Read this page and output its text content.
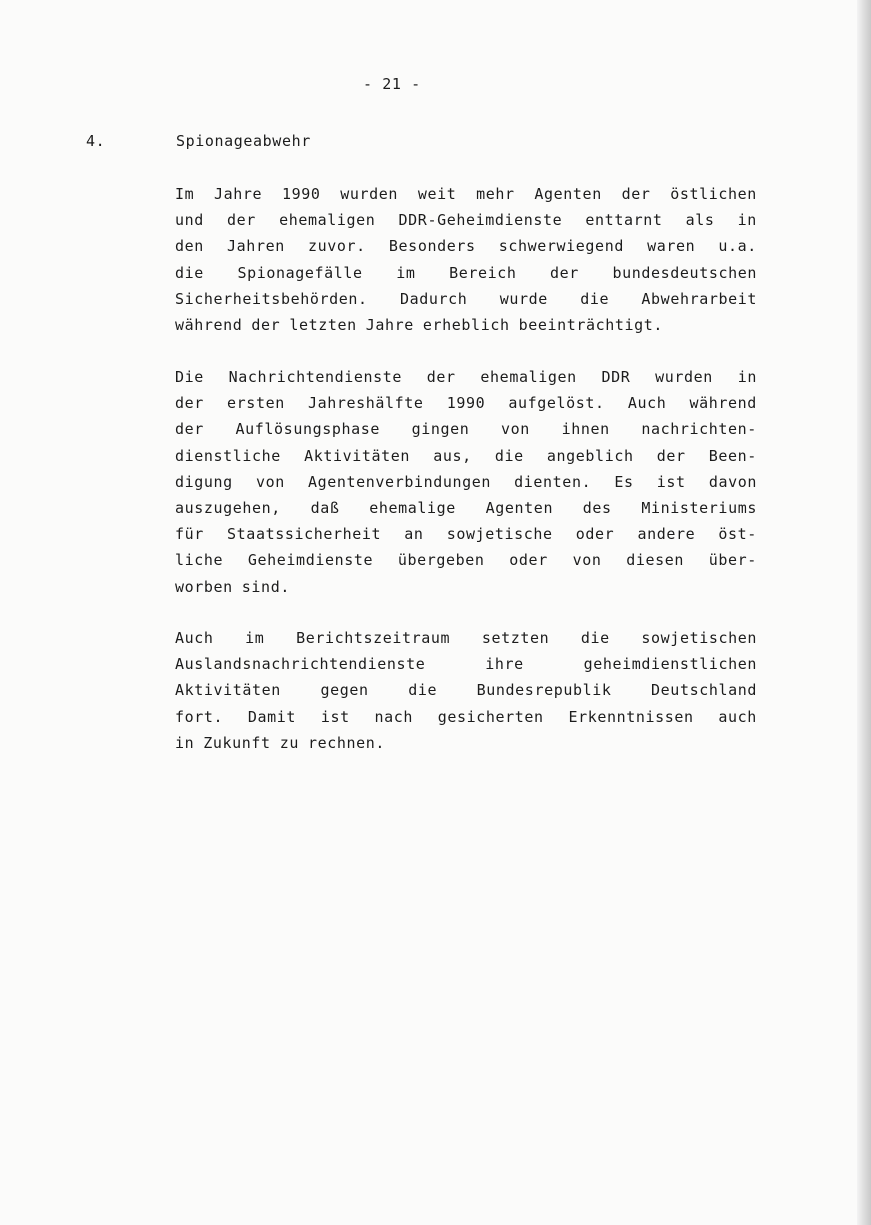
- 21 -
4.	Spionageabwehr
Im Jahre 1990 wurden weit mehr Agenten der östlichen
und der ehemaligen DDR-Geheimdienste enttarnt als in
den Jahren zuvor. Besonders schwerwiegend waren u.a.
die Spionagefälle im Bereich der bundesdeutschen
Sicherheitsbehörden. Dadurch wurde die Abwehrarbeit
während der letzten Jahre erheblich beeinträchtigt.
Die Nachrichtendienste der ehemaligen DDR wurden in
der ersten Jahreshälfte 1990 aufgelöst. Auch während
der Auflösungsphase gingen von ihnen nachrichten-
dienstliche Aktivitäten aus, die angeblich der Been-
digung von Agentenverbindungen dienten. Es ist davon
auszugehen, daß ehemalige Agenten des Ministeriums
für Staatssicherheit an sowjetische oder andere öst-
liche Geheimdienste übergeben oder von diesen über-
worben sind.
Auch im Berichtszeitraum setzten die sowjetischen
Auslandsnachrichtendienste	ihre	geheimdienstlichen
Aktivitäten	gegen	die	Bundesrepublik	Deutschland
fort. Damit ist nach gesicherten Erkenntnissen auch
in Zukunft zu rechnen.
